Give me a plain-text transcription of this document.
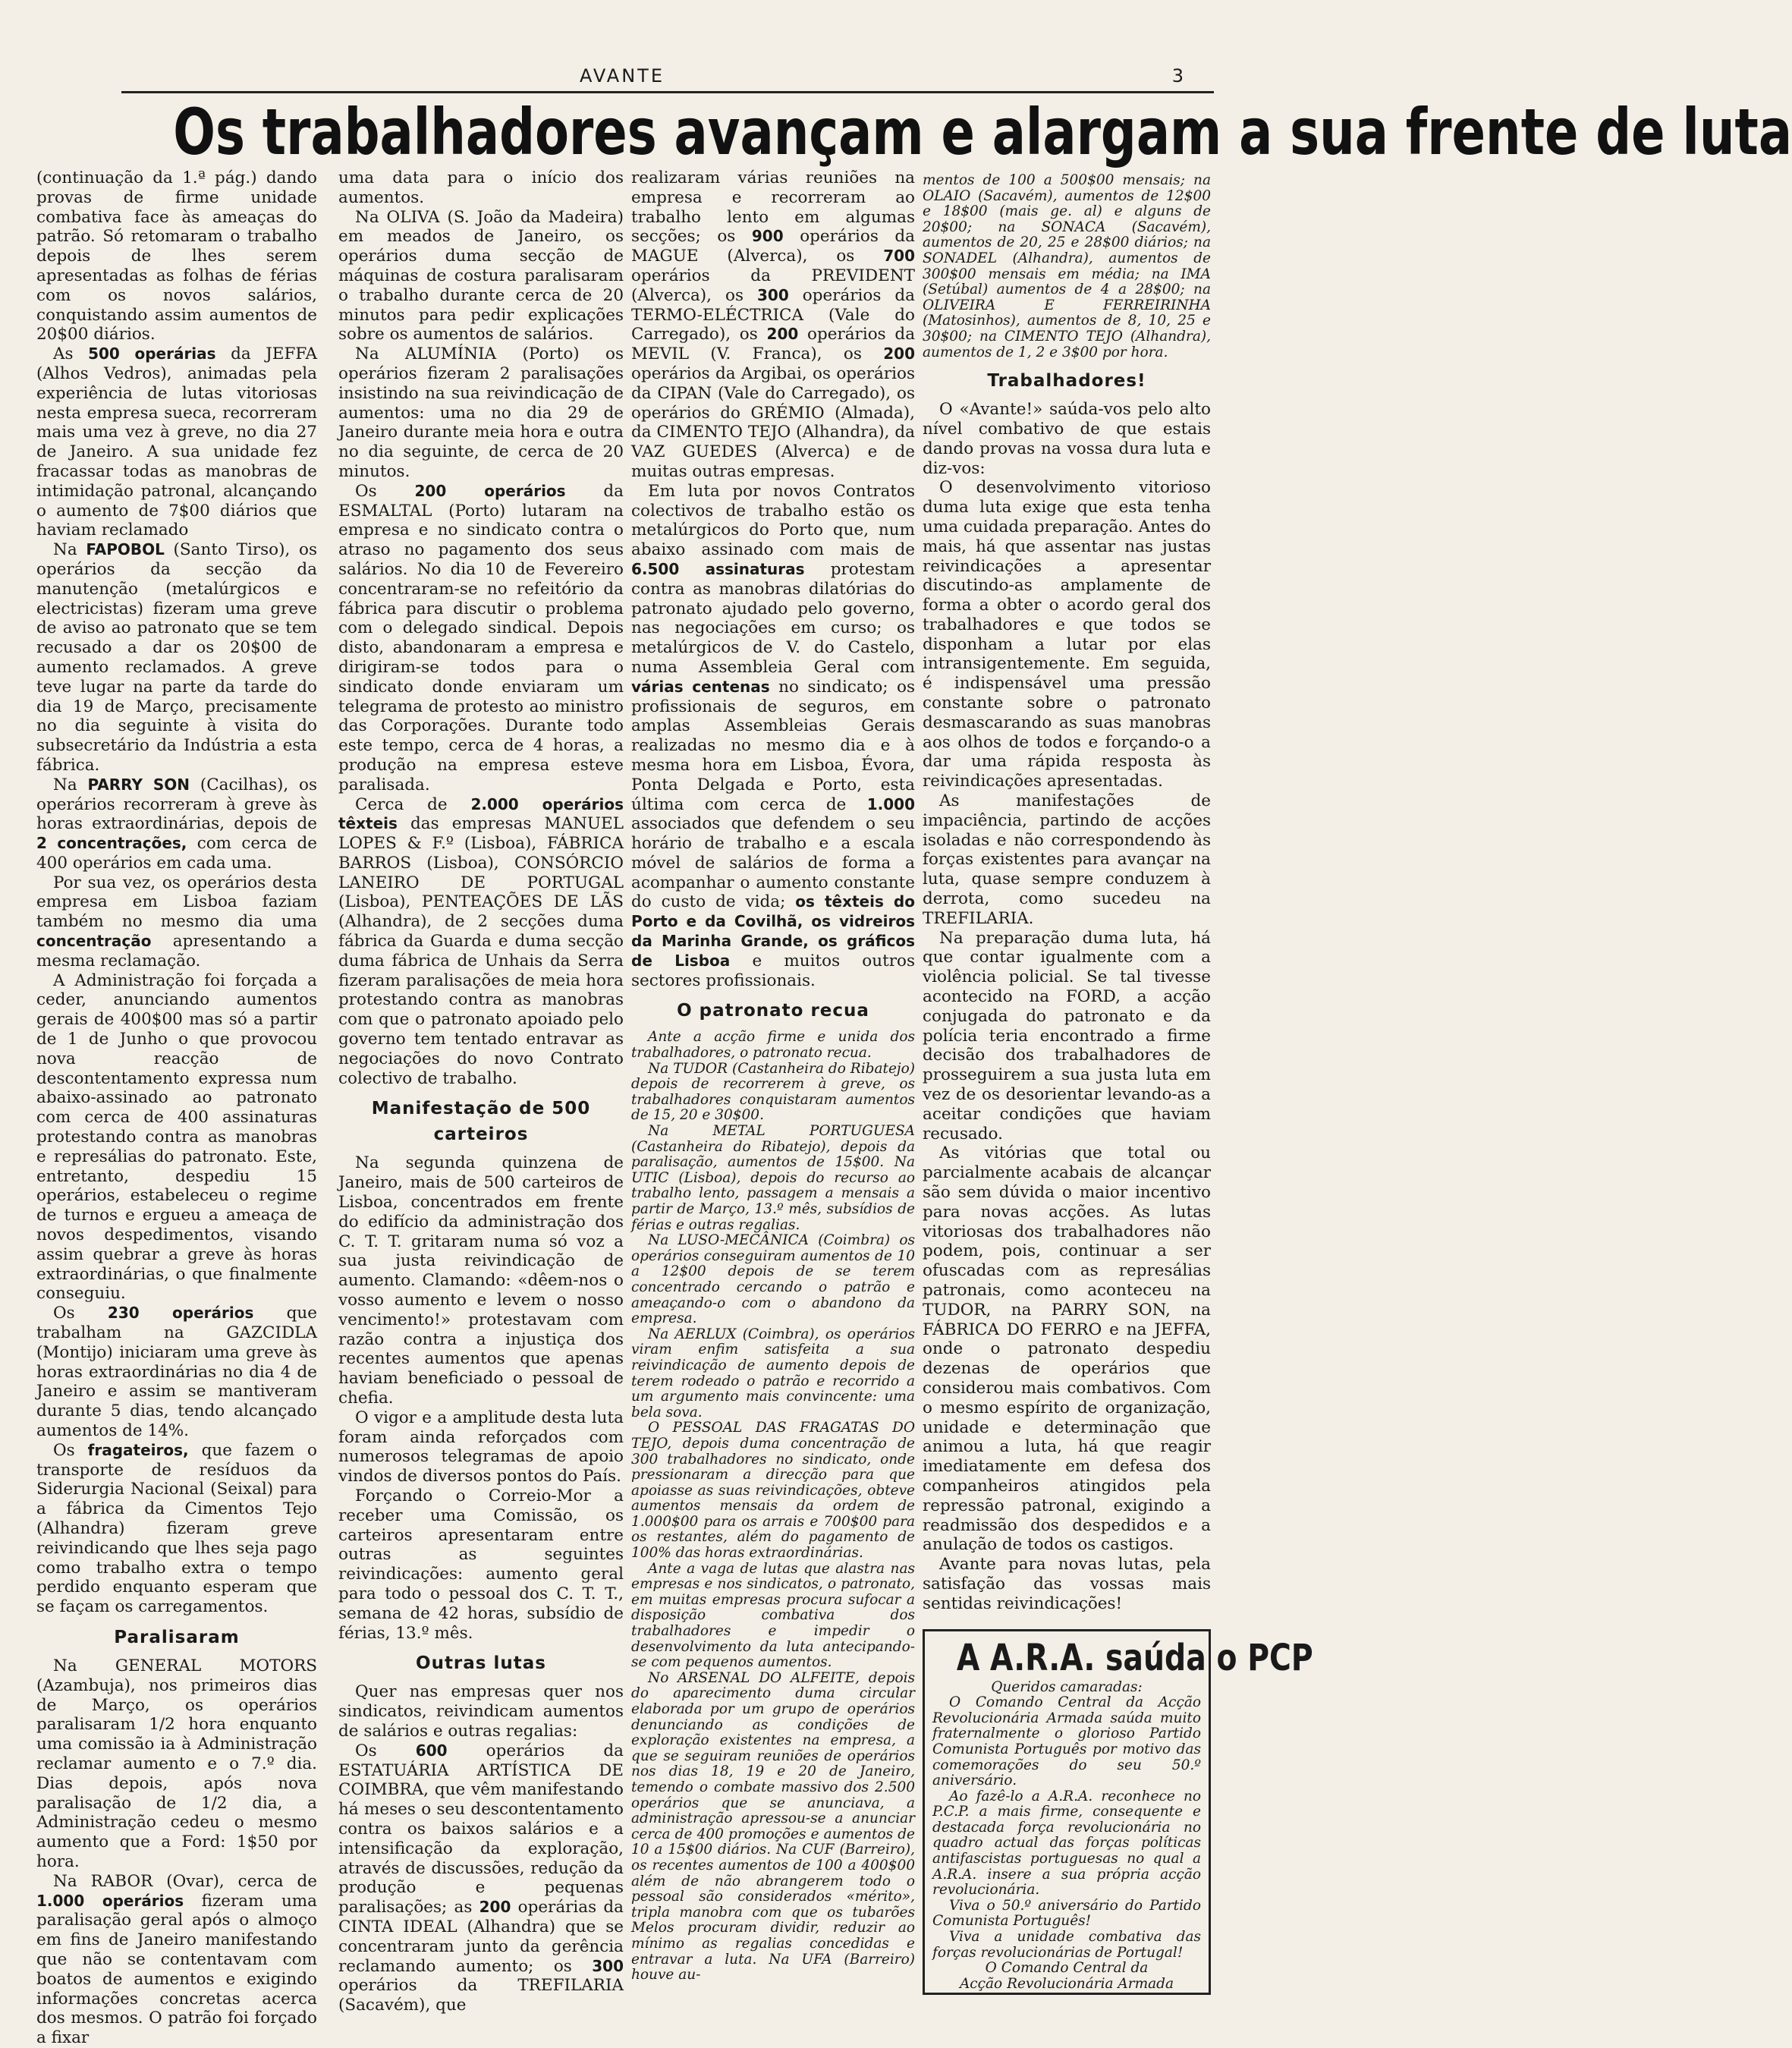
AVANTE	3
Os trabalhadores avançam e alargam a sua frente de luta

(continuação da 1.ª pág.) dando provas de firme unidade combativa face às ameaças do patrão. Só retomaram o trabalho depois de lhes serem apresentadas as folhas de férias com os novos salários, conquistando assim aumentos de 20$00 diários.

As 500 operárias da JEFFA (Alhos Vedros), animadas pela experiência de lutas vitoriosas nesta empresa sueca, recorreram mais uma vez à greve, no dia 27 de Janeiro. A sua unidade fez fracassar todas as manobras de intimidação patronal, alcançando o aumento de 7$00 diários que haviam reclamado

Na FAPOBOL (Santo Tirso), os operários da secção da manutenção (metalúrgicos e electricistas) fizeram uma greve de aviso ao patronato que se tem recusado a dar os 20$00 de aumento reclamados. A greve teve lugar na parte da tarde do dia 19 de Março, precisamente no dia seguinte à visita do subsecretário da Indústria a esta fábrica.

Na PARRY SON (Cacilhas), os operários recorreram à greve às horas extraordinárias, depois de 2 concentrações, com cerca de 400 operários em cada uma.

Por sua vez, os operários desta empresa em Lisboa faziam também no mesmo dia uma concentração apresentando a mesma reclamação.

A Administração foi forçada a ceder, anunciando aumentos gerais de 400$00 mas só a partir de 1 de Junho o que provocou nova reacção de descontentamento expressa num abaixo-assinado ao patronato com cerca de 400 assinaturas protestando contra as manobras e represálias do patronato. Este, entretanto, despediu 15 operários, estabeleceu o regime de turnos e ergueu a ameaça de novos despedimentos, visando assim quebrar a greve às horas extraordinárias, o que finalmente conseguiu.

Os 230 operários que trabalham na GAZCIDLA (Montijo) iniciaram uma greve às horas extraordinárias no dia 4 de Janeiro e assim se mantiveram durante 5 dias, tendo alcançado aumentos de 14%.

Os fragateiros, que fazem o transporte de resíduos da Siderurgia Nacional (Seixal) para a fábrica da Cimentos Tejo (Alhandra) fizeram greve reivindicando que lhes seja pago como trabalho extra o tempo perdido enquanto esperam que se façam os carregamentos.

Paralisaram

Na GENERAL MOTORS (Azambuja), nos primeiros dias de Março, os operários paralisaram 1/2 hora enquanto uma comissão ia à Administração reclamar aumento e o 7.º dia. Dias depois, após nova paralisação de 1/2 dia, a Administração cedeu o mesmo aumento que a Ford: 1$50 por hora.

Na RABOR (Ovar), cerca de 1.000 operários fizeram uma paralisação geral após o almoço em fins de Janeiro manifestando que não se contentavam com boatos de aumentos e exigindo informações concretas acerca dos mesmos. O patrão foi forçado a fixar

uma data para o início dos aumentos.

Na OLIVA (S. João da Madeira) em meados de Janeiro, os operários duma secção de máquinas de costura paralisaram o trabalho durante cerca de 20 minutos para pedir explicações sobre os aumentos de salários.

Na ALUMÍNIA (Porto) os operários fizeram 2 paralisações insistindo na sua reivindicação de aumentos: uma no dia 29 de Janeiro durante meia hora e outra no dia seguinte, de cerca de 20 minutos.

Os 200 operários da ESMALTAL (Porto) lutaram na empresa e no sindicato contra o atraso no pagamento dos seus salários. No dia 10 de Fevereiro concentraram-se no refeitório da fábrica para discutir o problema com o delegado sindical. Depois disto, abandonaram a empresa e dirigiram-se todos para o sindicato donde enviaram um telegrama de protesto ao ministro das Corporações. Durante todo este tempo, cerca de 4 horas, a produção na empresa esteve paralisada.

Cerca de 2.000 operários têxteis das empresas MANUEL LOPES & F.º (Lisboa), FÁBRICA BARROS (Lisboa), CONSÓRCIO LANEIRO DE PORTUGAL (Lisboa), PENTEAÇÕES DE LÃS (Alhandra), de 2 secções duma fábrica da Guarda e duma secção duma fábrica de Unhais da Serra fizeram paralisações de meia hora protestando contra as manobras com que o patronato apoiado pelo governo tem tentado entravar as negociações do novo Contrato colectivo de trabalho.

Manifestação de 500 carteiros

Na segunda quinzena de Janeiro, mais de 500 carteiros de Lisboa, concentrados em frente do edifício da administração dos C. T. T. gritaram numa só voz a sua justa reivindicação de aumento. Clamando: «dêem-nos o vosso aumento e levem o nosso vencimento!» protestavam com razão contra a injustiça dos recentes aumentos que apenas haviam beneficiado o pessoal de chefia.

O vigor e a amplitude desta luta foram ainda reforçados com numerosos telegramas de apoio vindos de diversos pontos do País.

Forçando o Correio-Mor a receber uma Comissão, os carteiros apresentaram entre outras as seguintes reivindicações: aumento geral para todo o pessoal dos C. T. T., semana de 42 horas, subsídio de férias, 13.º mês.

Outras lutas

Quer nas empresas quer nos sindicatos, reivindicam aumentos de salários e outras regalias:

Os	600 operários da ESTATUÁRIA ARTÍSTICA DE COIMBRA, que vêm manifestando há meses o seu descontentamento contra os baixos salários e a intensificação da exploração, através de discussões, redução da produção e pequenas paralisações; as 200 operárias da CINTA IDEAL (Alhandra) que se concentraram junto da gerência reclamando aumento; os 300 operários da TREFILARIA (Sacavém), que

realizaram várias reuniões na empresa e recorreram ao trabalho lento em algumas secções; os 900 operários da MAGUE (Alverca), os 700 operários da PREVIDENT (Alverca), os 300 operários da TERMO-ELÉCTRICA (Vale do Carregado), os 200 operários da MEVIL (V. Franca), os 200 operários da Argibai, os operários da CIPAN (Vale do Carregado), os operários do GRÉMIO (Almada), da CIMENTO TEJO (Alhandra), da VAZ GUEDES (Alverca) e de muitas outras empresas.

Em luta por novos Contratos colectivos de trabalho estão os metalúrgicos do Porto que, num abaixo assinado com mais de 6.500 assinaturas protestam contra as manobras dilatórias do patronato ajudado pelo governo, nas negociações em curso; os metalúrgicos de V. do Castelo, numa Assembleia Geral com várias centenas no sindicato; os profissionais de seguros, em amplas Assembleias Gerais realizadas no mesmo dia e à mesma hora em Lisboa, Évora, Ponta Delgada e Porto, esta última com cerca de 1.000 associados que defendem o seu horário de trabalho e a escala móvel de salários de forma a acompanhar o aumento constante do custo de vida; os têxteis do Porto e da Covilhã, os vidreiros da Marinha Grande, os gráficos de Lisboa e muitos outros sectores profissionais.

O patronato recua

Ante a acção firme e unida dos trabalhadores, o patronato recua.

Na TUDOR (Castanheira do Ribatejo) depois de recorrerem à greve, os trabalhadores conquistaram aumentos de 15, 20 e 30$00.

Na METAL PORTUGUESA (Castanheira do Ribatejo), depois da paralisação, aumentos de 15$00. Na UTIC (Lisboa), depois do recurso ao trabalho lento, passagem a mensais a partir de Março, 13.º mês, subsídios de férias e outras regalias.

Na LUSO-MECÂNICA (Coimbra) os operários conseguiram aumentos de 10 a 12$00 depois de se terem concentrado cercando o patrão e ameaçando-o com o abandono da empresa.

Na AERLUX (Coimbra), os operários viram enfim satisfeita a sua reivindicação de aumento depois de terem rodeado o patrão e recorrido a um argumento mais convincente: uma bela sova.

O PESSOAL DAS FRAGATAS DO TEJO, depois duma concentração de 300 trabalhadores no sindicato, onde pressionaram a direcção para que apoiasse as suas reivindicações, obteve aumentos mensais da ordem de 1.000$00 para os arrais e 700$00 para os restantes, além do pagamento de 100% das horas extraordinárias.

Ante a vaga de lutas que alastra nas empresas e nos sindicatos, o patronato, em muitas empresas procura sufocar a disposição combativa dos trabalhadores e impedir o desenvolvimento da luta antecipando-se com pequenos aumentos.

No ARSENAL DO ALFEITE, depois do aparecimento duma circular elaborada por um grupo de operários denunciando as condições de exploração existentes na empresa, a que se seguiram reuniões de operários nos dias 18, 19 e 20 de Janeiro, temendo o combate massivo dos 2.500 operários que se anunciava, a administração apressou-se a anunciar cerca de 400 promoções e aumentos de 10 a 15$00 diários. Na CUF (Barreiro), os recentes aumentos de 100 a 400$00 além de não abrangerem todo o pessoal são considerados «mérito», tripla manobra com que os tubarões Melos procuram dividir, reduzir ao mínimo as regalias concedidas e entravar a luta. Na UFA (Barreiro) houve au-

mentos de 100 a 500$00 mensais; na OLAIO (Sacavém), aumentos de 12$00 e 18$00 (mais ge. al) e alguns de 20$00; na SONACA (Sacavém), aumentos de 20, 25 e 28$00 diários; na SONADEL (Alhandra), aumentos de 300$00 mensais em média; na IMA (Setúbal) aumentos de 4 a 28$00; na OLIVEIRA E FERREIRINHA (Matosinhos), aumentos de 8, 10, 25 e 30$00; na CIMENTO TEJO (Alhandra), aumentos de 1, 2 e 3$00 por hora.

Trabalhadores!

O «Avante!» saúda-vos pelo alto nível combativo de que estais dando provas na vossa dura luta e diz-vos:

O desenvolvimento vitorioso duma luta exige que esta tenha uma cuidada preparação. Antes do mais, há que assentar nas justas reivindicações a apresentar discutindo-as amplamente de forma a obter o acordo geral dos trabalhadores e que todos se disponham a lutar por elas intransigentemente. Em seguida, é indispensável uma pressão constante sobre o patronato desmascarando as suas manobras aos olhos de todos e forçando-o a dar uma rápida resposta às reivindicações apresentadas.

As manifestações de impaciência, partindo de acções isoladas e não correspondendo às forças existentes para avançar na luta, quase sempre conduzem à derrota, como sucedeu na TREFILARIA.

Na preparação duma luta, há que contar igualmente com a violência policial. Se tal tivesse acontecido na FORD, a acção conjugada do patronato e da polícia teria encontrado a firme decisão dos trabalhadores de prosseguirem a sua justa luta em vez de os desorientar levando-as a aceitar condições que haviam recusado.

As vitórias que total ou parcialmente acabais de alcançar são sem dúvida o maior incentivo para novas acções. As lutas vitoriosas dos trabalhadores não podem, pois, continuar a ser ofuscadas com as represálias patronais, como aconteceu na TUDOR, na PARRY SON, na FÁBRICA DO FERRO e na JEFFA, onde o patronato despediu dezenas de operários que considerou mais combativos. Com o mesmo espírito de organização, unidade e determinação que animou a luta, há que reagir imediatamente em defesa dos companheiros atingidos pela repressão patronal, exigindo a readmissão dos despedidos e a anulação de todos os castigos.

Avante para novas lutas, pela satisfação das vossas mais sentidas reivindicações!

A A.R.A. saúda o PCP

Queridos camaradas:

O Comando Central da Acção Revolucionária Armada saúda muito fraternalmente o glorioso Partido Comunista Português por motivo das comemorações do seu 50.º aniversário.

Ao fazê-lo a A.R.A. reconhece no P.C.P. a mais firme, consequente e destacada força revolucionária no quadro actual das forças políticas antifascistas portuguesas no qual a A.R.A. insere a sua própria acção revolucionária.

Viva o 50.º aniversário do Partido Comunista Português!

Viva a unidade combativa das forças revolucionárias de Portugal!

O Comando Central da

Acção Revolucionária Armada
